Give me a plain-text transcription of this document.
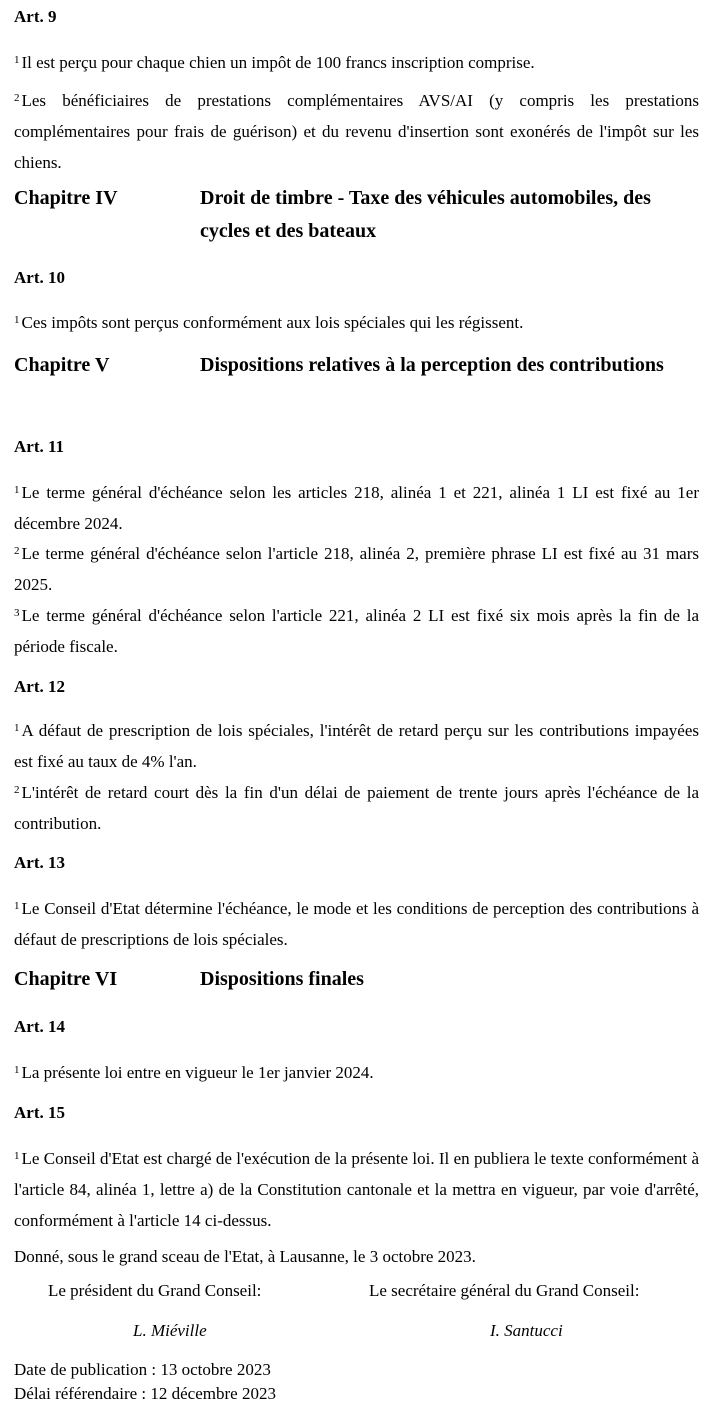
Art. 9
$^1$ Il est perçu pour chaque chien un impôt de 100 francs inscription comprise.
$^2$ Les bénéficiaires de prestations complémentaires AVS/AI (y compris les prestations complémentaires pour frais de guérison) et du revenu d'insertion sont exonérés de l'impôt sur les chiens.
Chapitre IV	Droit de timbre - Taxe des véhicules automobiles, des cycles et des bateaux
Art. 10
$^1$ Ces impôts sont perçus conformément aux lois spéciales qui les régissent.
Chapitre V	Dispositions relatives à la perception des contributions
Art. 11
$^1$ Le terme général d'échéance selon les articles 218, alinéa 1 et 221, alinéa 1 LI est fixé au 1er décembre 2024.
$^2$ Le terme général d'échéance selon l'article 218, alinéa 2, première phrase LI est fixé au 31 mars 2025.
$^3$ Le terme général d'échéance selon l'article 221, alinéa 2 LI est fixé six mois après la fin de la période fiscale.
Art. 12
$^1$ A défaut de prescription de lois spéciales, l'intérêt de retard perçu sur les contributions impayées est fixé au taux de 4% l'an.
$^2$ L'intérêt de retard court dès la fin d'un délai de paiement de trente jours après l'échéance de la contribution.
Art. 13
$^1$ Le Conseil d'Etat détermine l'échéance, le mode et les conditions de perception des contributions à défaut de prescriptions de lois spéciales.
Chapitre VI	Dispositions finales
Art. 14
$^1$ La présente loi entre en vigueur le 1er janvier 2024.
Art. 15
$^1$ Le Conseil d'Etat est chargé de l'exécution de la présente loi. Il en publiera le texte conformément à l'article 84, alinéa 1, lettre a) de la Constitution cantonale et la mettra en vigueur, par voie d'arrêté, conformément à l'article 14 ci-dessus.
Donné, sous le grand sceau de l'Etat, à Lausanne, le 3 octobre 2023.
Le président du Grand Conseil:	Le secrétaire général du Grand Conseil:
L. Miéville	I. Santucci
Date de publication : 13 octobre 2023
Délai référendaire : 12 décembre 2023
